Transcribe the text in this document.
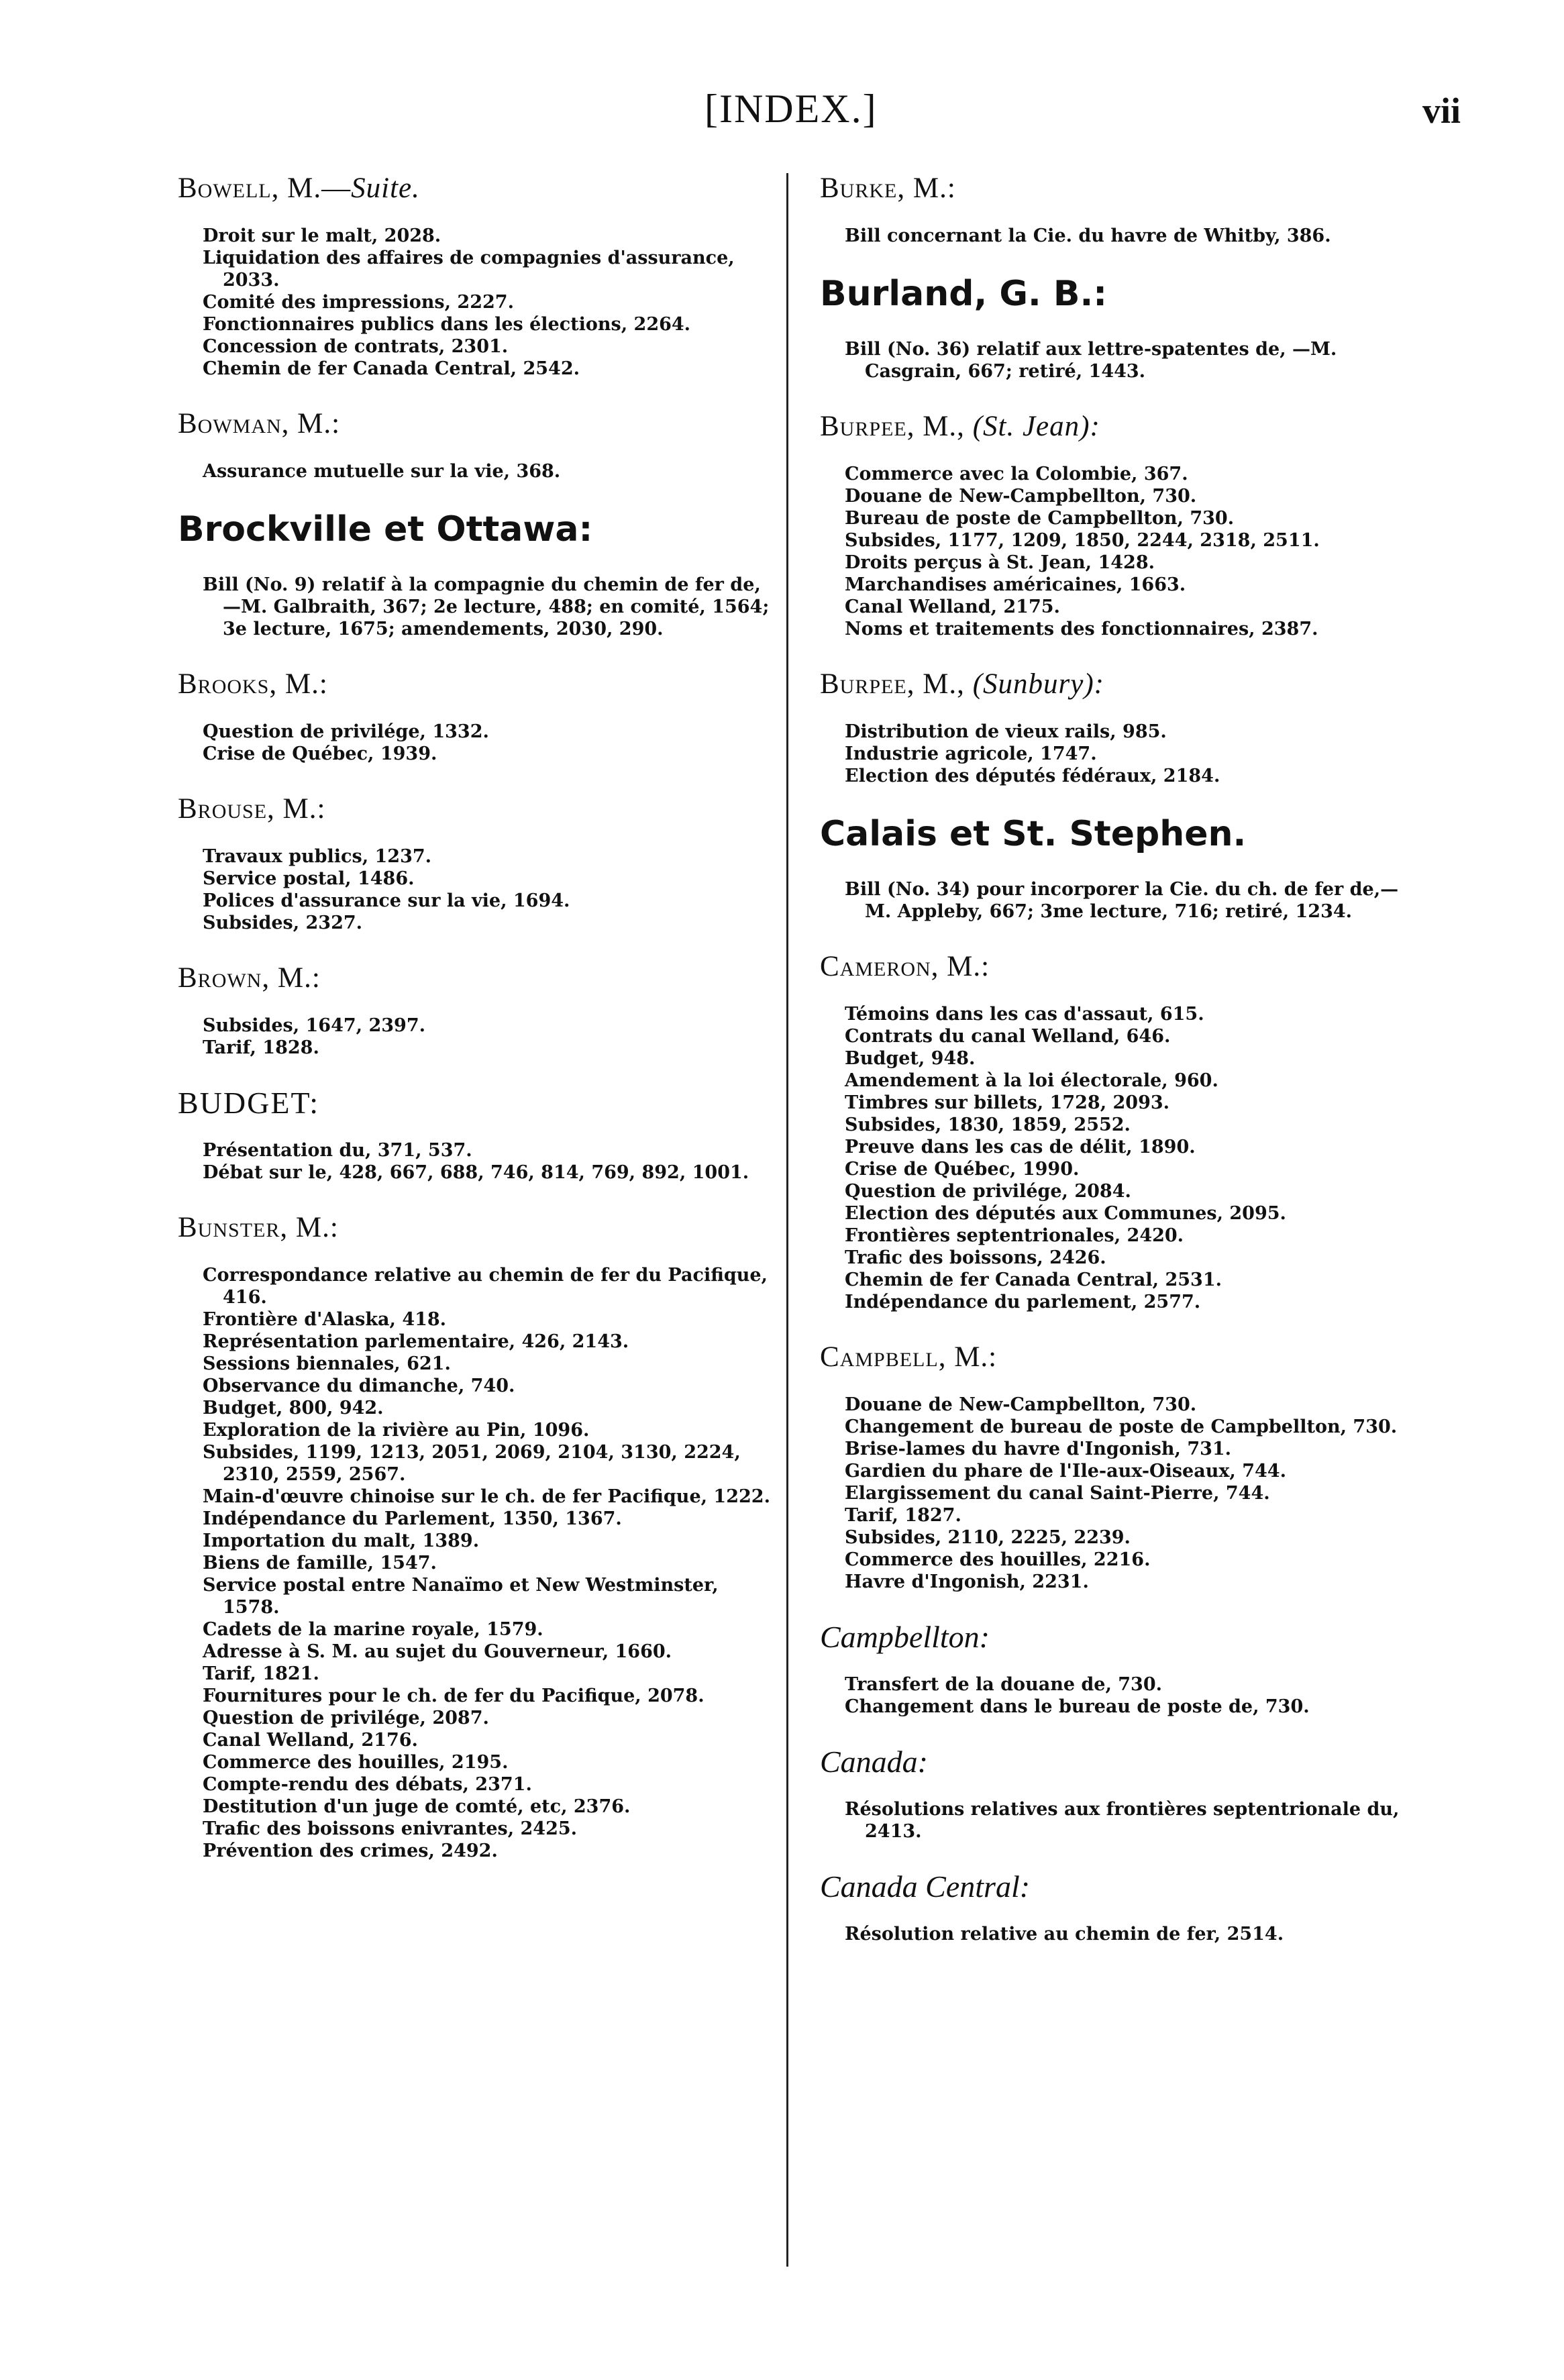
[INDEX.]	vii
Bowell, M.—Suite.
Droit sur le malt, 2028.
Liquidation des affaires de compagnies d'assurance, 2033.
Comité des impressions, 2227.
Fonctionnaires publics dans les élections, 2264.
Concession de contrats, 2301.
Chemin de fer Canada Central, 2542.
Bowman, M.:
Assurance mutuelle sur la vie, 368.
Brockville et Ottawa:
Bill (No. 9) relatif à la compagnie du chemin de fer de,—M. Galbraith, 367; 2e lecture, 488; en comité, 1564; 3e lecture, 1675; amendements, 2030, 290.
Brooks, M.:
Question de privilége, 1332.
Crise de Québec, 1939.
Brouse, M.:
Travaux publics, 1237.
Service postal, 1486.
Polices d'assurance sur la vie, 1694.
Subsides, 2327.
Brown, M.:
Subsides, 1647, 2397.
Tarif, 1828.
BUDGET:
Présentation du, 371, 537.
Débat sur le, 428, 667, 688, 746, 814, 769, 892, 1001.
Bunster, M.:
Correspondance relative au chemin de fer du Pacifique, 416.
Frontière d'Alaska, 418.
Représentation parlementaire, 426, 2143.
Sessions biennales, 621.
Observance du dimanche, 740.
Budget, 800, 942.
Exploration de la rivière au Pin, 1096.
Subsides, 1199, 1213, 2051, 2069, 2104, 3130, 2224, 2310, 2559, 2567.
Main-d'œuvre chinoise sur le ch. de fer Pacifique, 1222.
Indépendance du Parlement, 1350, 1367.
Importation du malt, 1389.
Biens de famille, 1547.
Service postal entre Nanaïmo et New Westminster, 1578.
Cadets de la marine royale, 1579.
Adresse à S. M. au sujet du Gouverneur, 1660.
Tarif, 1821.
Fournitures pour le ch. de fer du Pacifique, 2078.
Question de privilége, 2087.
Canal Welland, 2176.
Commerce des houilles, 2195.
Compte-rendu des débats, 2371.
Destitution d'un juge de comté, etc, 2376.
Trafic des boissons enivrantes, 2425.
Prévention des crimes, 2492.
Burke, M.:
Bill concernant la Cie. du havre de Whitby, 386.
Burland, G. B.:
Bill (No. 36) relatif aux lettre-spatentes de, —M. Casgrain, 667; retiré, 1443.
Burpee, M., (St. Jean):
Commerce avec la Colombie, 367.
Douane de New-Campbellton, 730.
Bureau de poste de Campbellton, 730.
Subsides, 1177, 1209, 1850, 2244, 2318, 2511.
Droits perçus à St. Jean, 1428.
Marchandises américaines, 1663.
Canal Welland, 2175.
Noms et traitements des fonctionnaires, 2387.
Burpee, M., (Sunbury):
Distribution de vieux rails, 985.
Industrie agricole, 1747.
Election des députés fédéraux, 2184.
Calais et St. Stephen.
Bill (No. 34) pour incorporer la Cie. du ch. de fer de,—M. Appleby, 667; 3me lecture, 716; retiré, 1234.
Cameron, M.:
Témoins dans les cas d'assaut, 615.
Contrats du canal Welland, 646.
Budget, 948.
Amendement à la loi électorale, 960.
Timbres sur billets, 1728, 2093.
Subsides, 1830, 1859, 2552.
Preuve dans les cas de délit, 1890.
Crise de Québec, 1990.
Question de privilége, 2084.
Election des députés aux Communes, 2095.
Frontières septentrionales, 2420.
Trafic des boissons, 2426.
Chemin de fer Canada Central, 2531.
Indépendance du parlement, 2577.
Campbell, M.:
Douane de New-Campbellton, 730.
Changement de bureau de poste de Campbellton, 730.
Brise-lames du havre d'Ingonish, 731.
Gardien du phare de l'Ile-aux-Oiseaux, 744.
Elargissement du canal Saint-Pierre, 744.
Tarif, 1827.
Subsides, 2110, 2225, 2239.
Commerce des houilles, 2216.
Havre d'Ingonish, 2231.
Campbellton:
Transfert de la douane de, 730.
Changement dans le bureau de poste de, 730.
Canada:
Résolutions relatives aux frontières septentrionale du, 2413.
Canada Central:
Résolution relative au chemin de fer, 2514.
